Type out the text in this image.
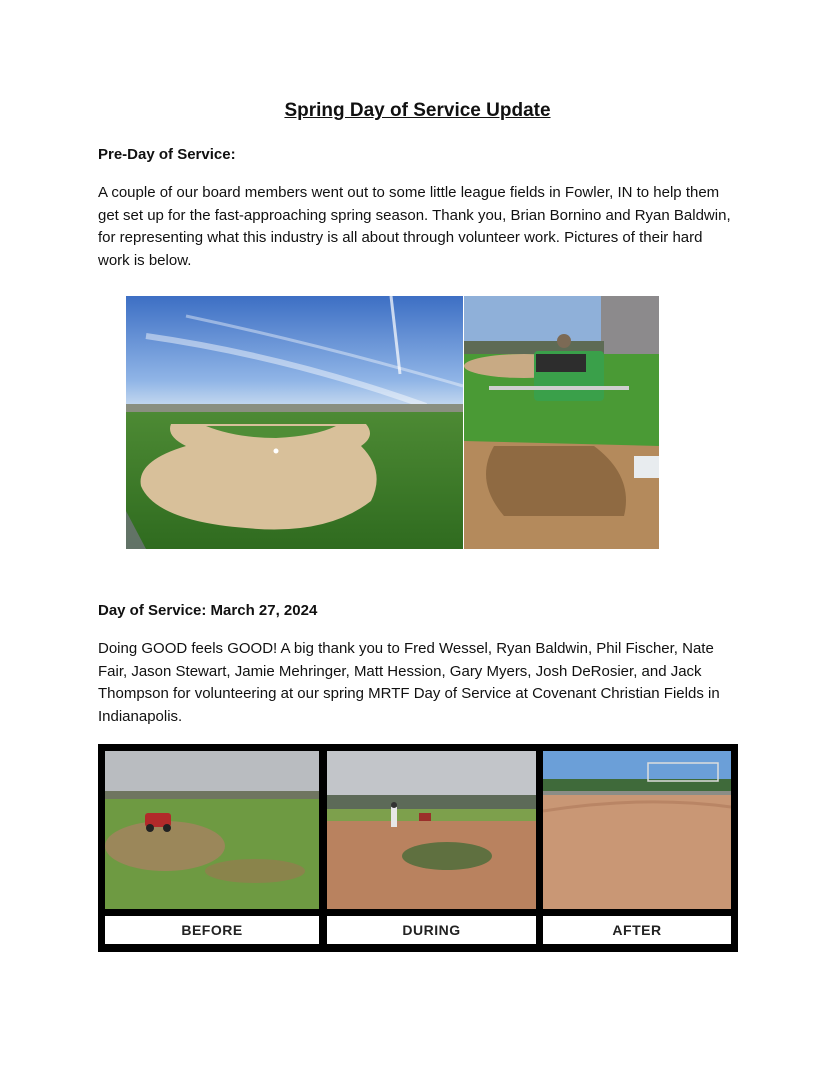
Spring Day of Service Update
Pre-Day of Service:

A couple of our board members went out to some little league fields in Fowler, IN to help them get set up for the fast-approaching spring season. Thank you, Brian Bornino and Ryan Baldwin, for representing what this industry is all about through volunteer work. Pictures of their hard work is below.

Day of Service: March 27, 2024

Doing GOOD feels GOOD! A big thank you to Fred Wessel, Ryan Baldwin, Phil Fischer, Nate Fair, Jason Stewart, Jamie Mehringer, Matt Hession, Gary Myers, Josh DeRosier, and Jack Thompson for volunteering at our spring MRTF Day of Service at Covenant Christian Fields in Indianapolis.

BEFORE	DURING	AFTER
